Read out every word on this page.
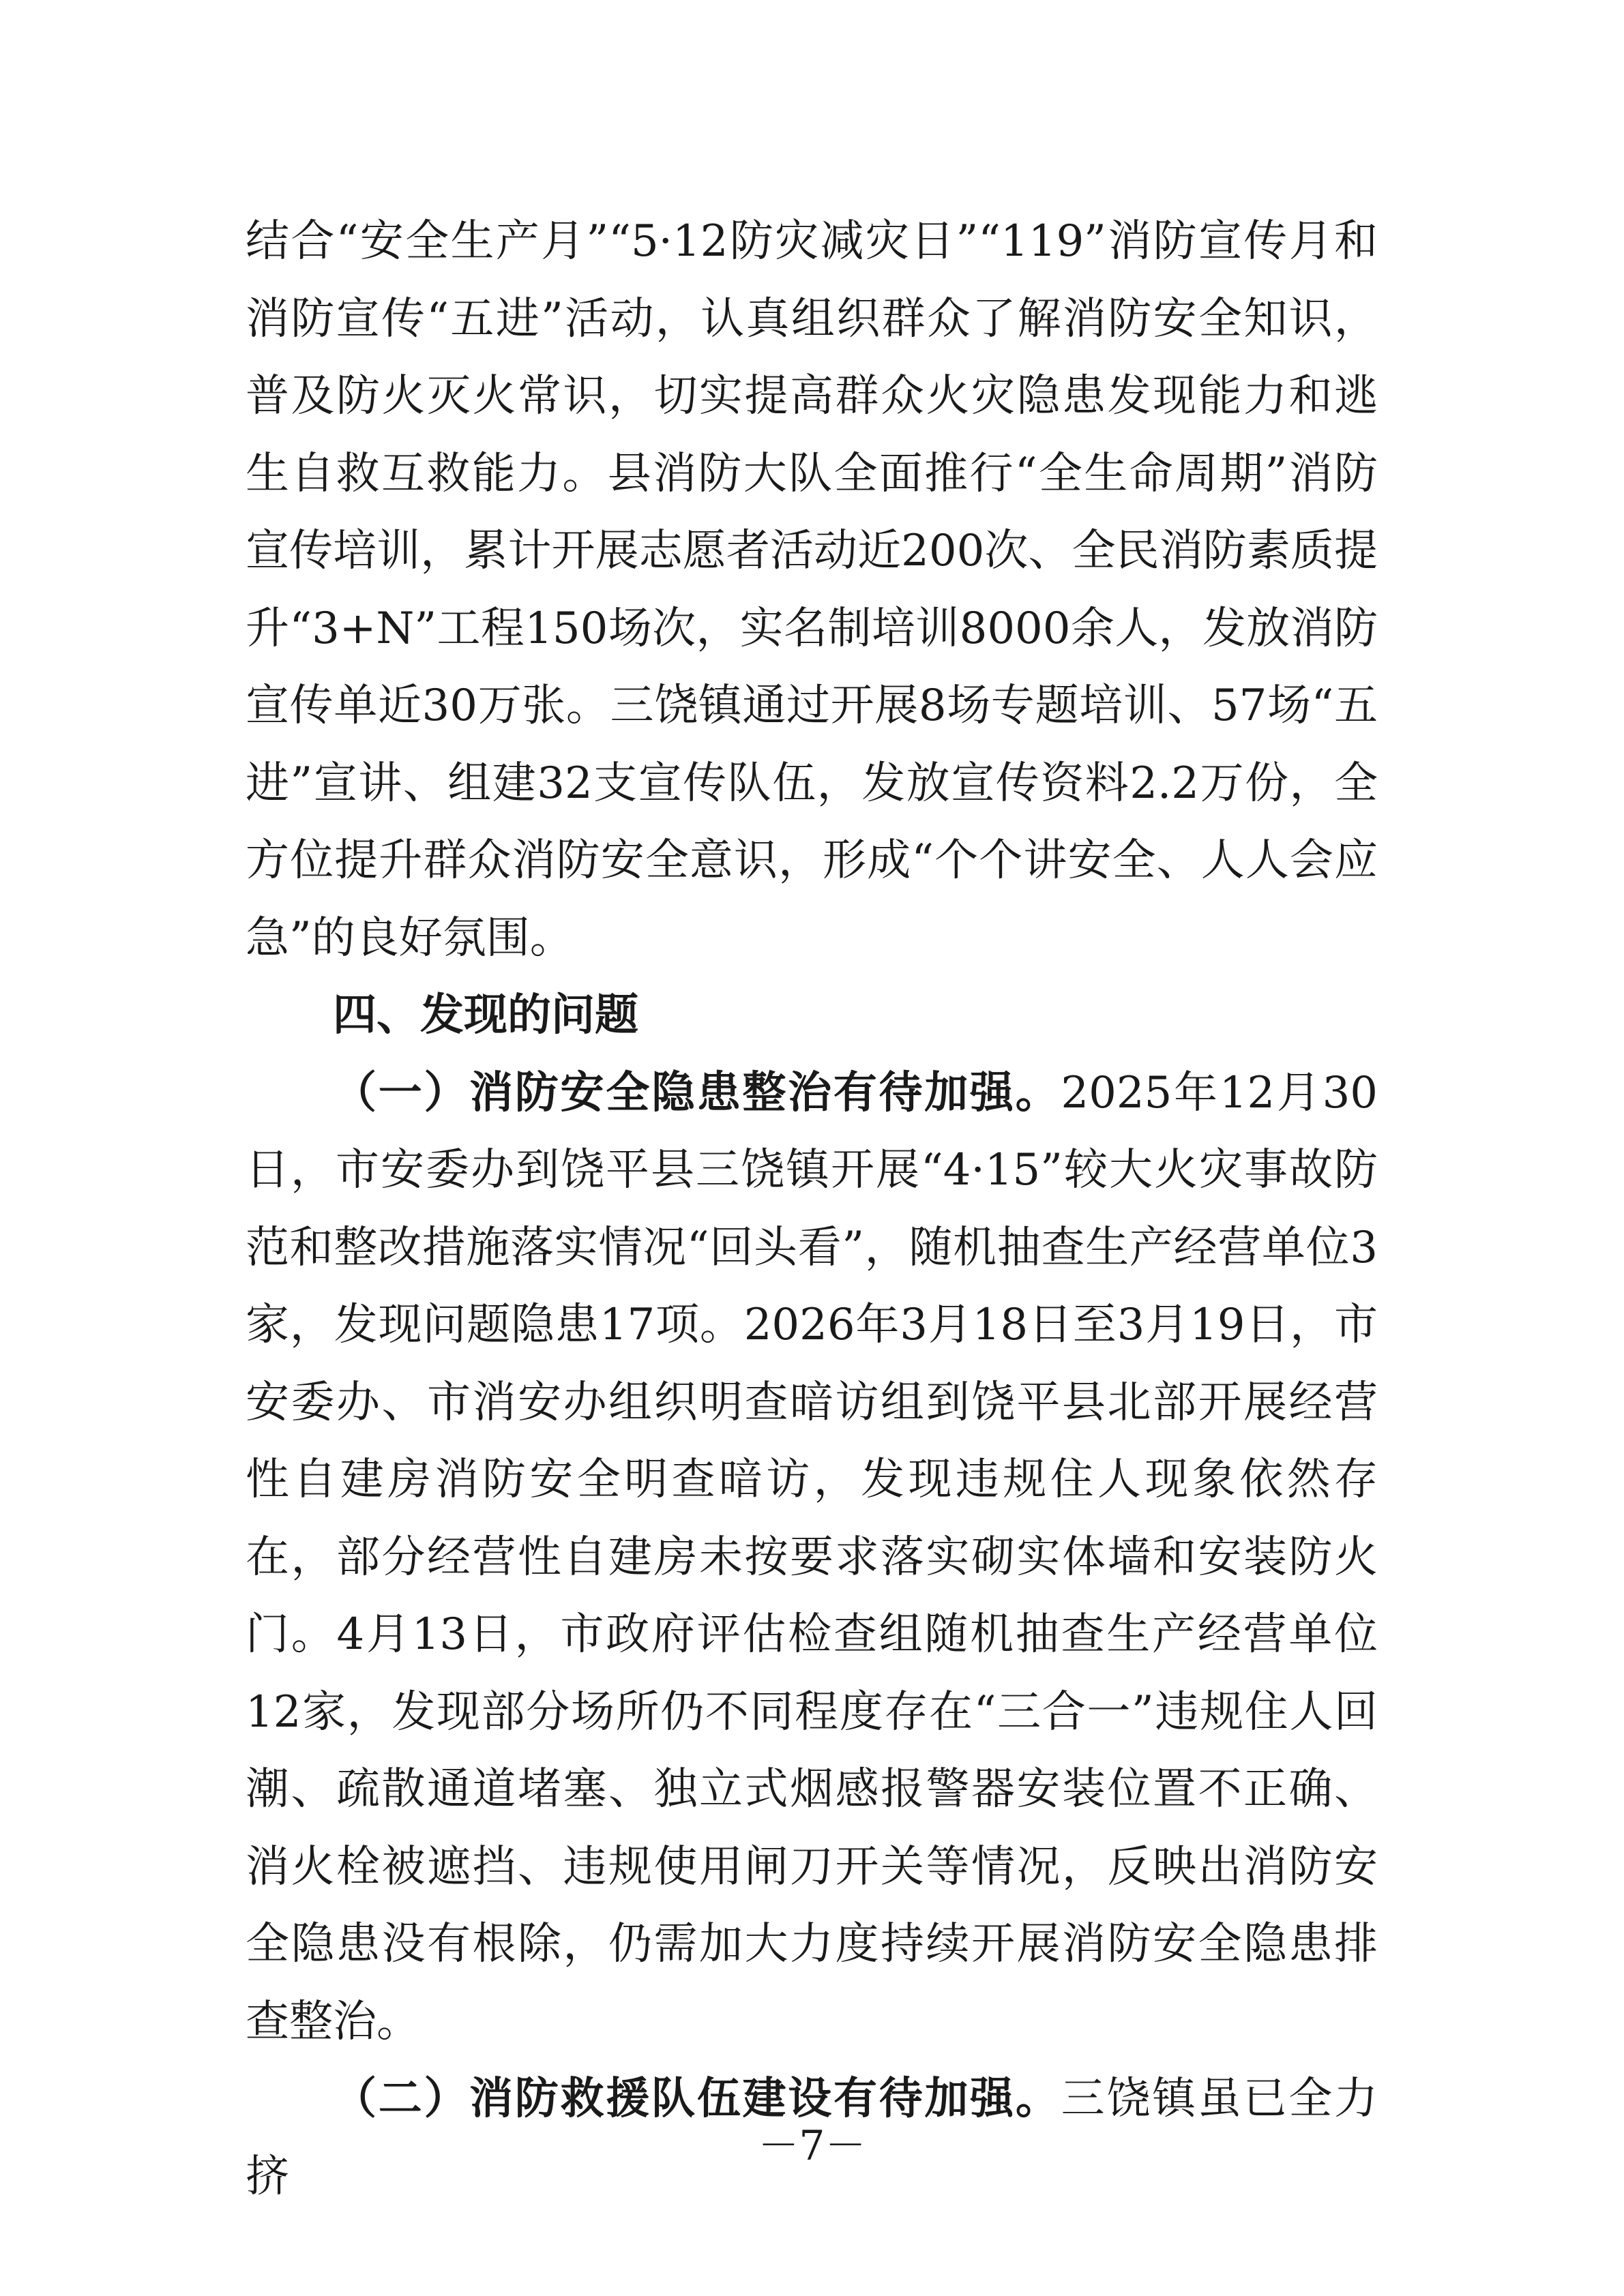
结合“安全生产月”“5·12防灾减灾日”“119”消防宣传月和消防宣传“五进”活动，认真组织群众了解消防安全知识，普及防火灭火常识，切实提高群众火灾隐患发现能力和逃生自救互救能力。县消防大队全面推行“全生命周期”消防宣传培训，累计开展志愿者活动近200次、全民消防素质提升“3+N”工程150场次，实名制培训8000余人，发放消防宣传单近30万张。三饶镇通过开展8场专题培训、57场“五进”宣讲、组建32支宣传队伍，发放宣传资料2.2万份，全方位提升群众消防安全意识，形成“个个讲安全、人人会应急”的良好氛围。

四、发现的问题

（一）消防安全隐患整治有待加强。2025年12月30日，市安委办到饶平县三饶镇开展“4·15”较大火灾事故防范和整改措施落实情况“回头看”，随机抽查生产经营单位3家，发现问题隐患17项。2026年3月18日至3月19日，市安委办、市消安办组织明查暗访组到饶平县北部开展经营性自建房消防安全明查暗访，发现违规住人现象依然存在，部分经营性自建房未按要求落实砌实体墙和安装防火门。4月13日，市政府评估检查组随机抽查生产经营单位12家，发现部分场所仍不同程度存在“三合一”违规住人回潮、疏散通道堵塞、独立式烟感报警器安装位置不正确、消火栓被遮挡、违规使用闸刀开关等情况，反映出消防安全隐患没有根除，仍需加大力度持续开展消防安全隐患排查整治。

（二）消防救援队伍建设有待加强。三饶镇虽已全力挤

－7－
